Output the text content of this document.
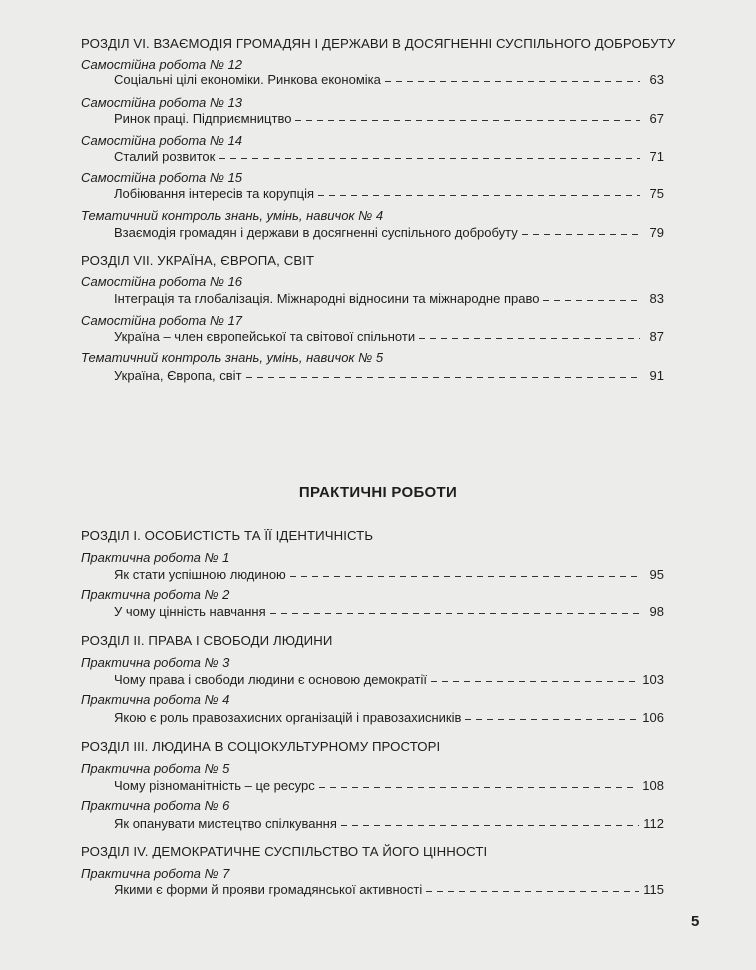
РОЗДІЛ VI. ВЗАЄМОДІЯ ГРОМАДЯН І ДЕРЖАВИ В ДОСЯГНЕННІ СУСПІЛЬНОГО ДОБРОБУТУ
Самостійна робота № 12
Соціальні цілі економіки. Ринкова економіка	63
Самостійна робота № 13
Ринок праці. Підприємництво	67
Самостійна робота № 14
Сталий розвиток	71
Самостійна робота № 15
Лобіювання інтересів та корупція	75
Тематичний контроль знань, умінь, навичок № 4
Взаємодія громадян і держави в досягненні суспільного добробуту	79
РОЗДІЛ VII. УКРАЇНА, ЄВРОПА, СВІТ
Самостійна робота № 16
Інтеграція та глобалізація. Міжнародні відносини та міжнародне право	83
Самостійна робота № 17
Україна – член європейської та світової спільноти	87
Тематичний контроль знань, умінь, навичок № 5
Україна, Європа, світ	91
ПРАКТИЧНІ РОБОТИ
РОЗДІЛ І. ОСОБИСТІСТЬ ТА ЇЇ ІДЕНТИЧНІСТЬ
Практична робота № 1
Як стати успішною людиною	95
Практична робота № 2
У чому цінність навчання	98
РОЗДІЛ ІІ. ПРАВА І СВОБОДИ ЛЮДИНИ
Практична робота № 3
Чому права і свободи людини є основою демократії	103
Практична робота № 4
Якою є роль правозахисних організацій і правозахисників	106
РОЗДІЛ ІІІ. ЛЮДИНА В СОЦІОКУЛЬТУРНОМУ ПРОСТОРІ
Практична робота № 5
Чому різноманітність – це ресурс	108
Практична робота № 6
Як опанувати мистецтво спілкування	112
РОЗДІЛ IV. ДЕМОКРАТИЧНЕ СУСПІЛЬСТВО ТА ЙОГО ЦІННОСТІ
Практична робота № 7
Якими є форми й прояви громадянської активності	115
5
